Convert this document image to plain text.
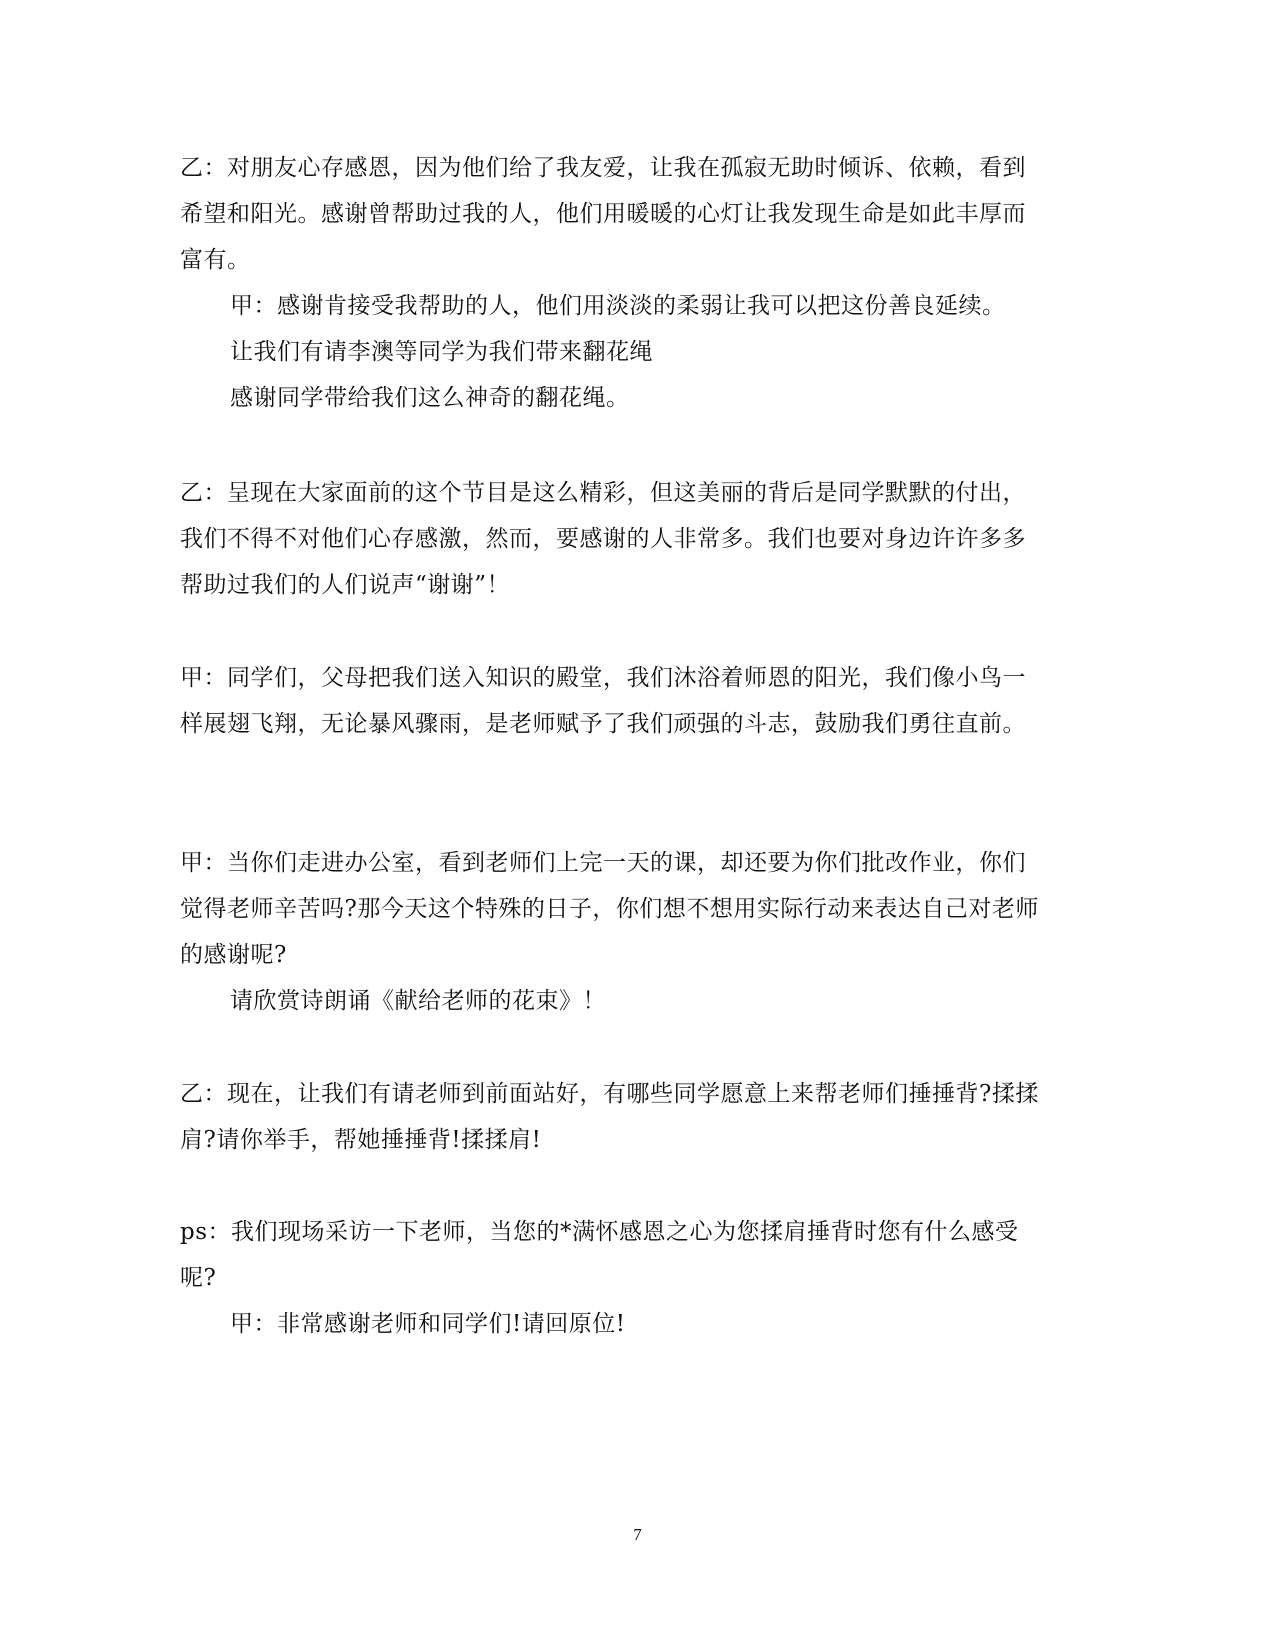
乙：对朋友心存感恩，因为他们给了我友爱，让我在孤寂无助时倾诉、依赖，看到希望和阳光。感谢曾帮助过我的人，他们用暖暖的心灯让我发现生命是如此丰厚而富有。

甲：感谢肯接受我帮助的人，他们用淡淡的柔弱让我可以把这份善良延续。

让我们有请李澳等同学为我们带来翻花绳

感谢同学带给我们这么神奇的翻花绳。

乙：呈现在大家面前的这个节目是这么精彩，但这美丽的背后是同学默默的付出，我们不得不对他们心存感激，然而，要感谢的人非常多。我们也要对身边许许多多帮助过我们的人们说声“谢谢”！

甲：同学们，父母把我们送入知识的殿堂，我们沐浴着师恩的阳光，我们像小鸟一样展翅飞翔，无论暴风骤雨，是老师赋予了我们顽强的斗志，鼓励我们勇往直前。

甲：当你们走进办公室，看到老师们上完一天的课，却还要为你们批改作业，你们觉得老师辛苦吗?那今天这个特殊的日子，你们想不想用实际行动来表达自己对老师的感谢呢?

请欣赏诗朗诵《献给老师的花束》！

乙：现在，让我们有请老师到前面站好，有哪些同学愿意上来帮老师们捶捶背?揉揉肩?请你举手，帮她捶捶背!揉揉肩!

ps：我们现场采访一下老师，当您的*满怀感恩之心为您揉肩捶背时您有什么感受呢?

甲：非常感谢老师和同学们!请回原位!

7
